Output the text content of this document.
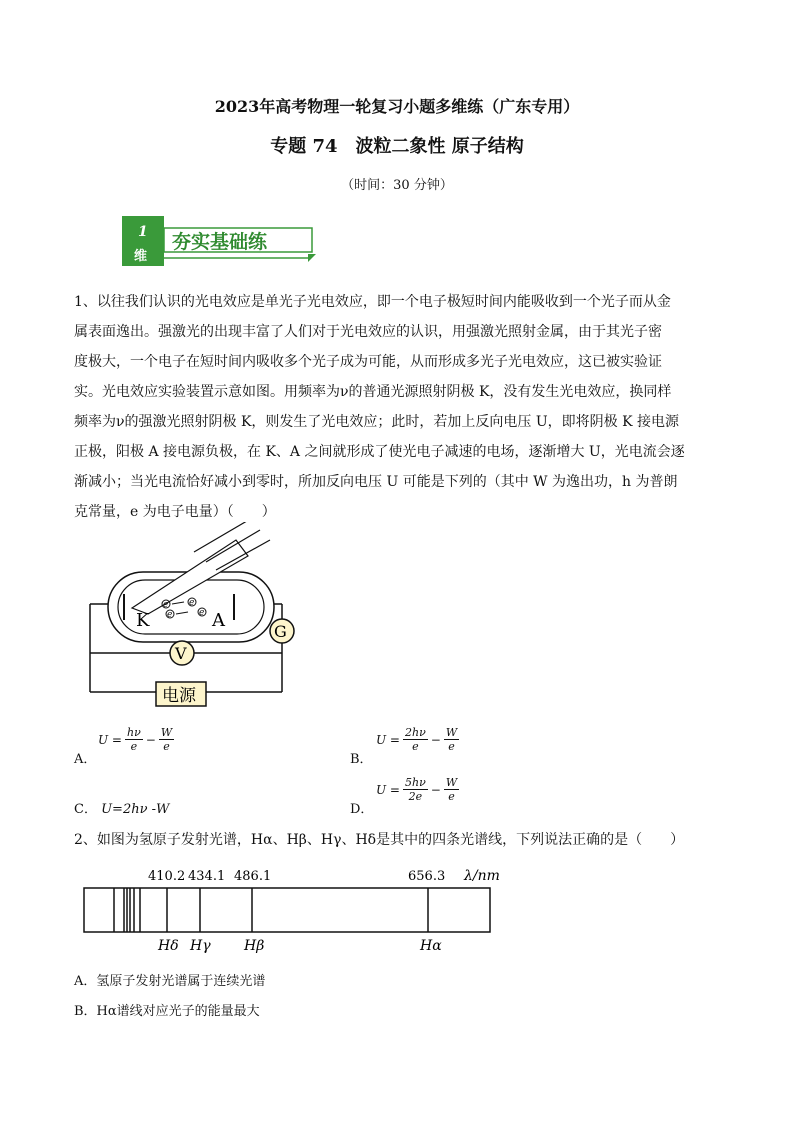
2023年高考物理一轮复习小题多维练（广东专用）
专题 74　波粒二象性 原子结构
（时间：30 分钟）
1
维
夯实基础练
1、以往我们认识的光电效应是单光子光电效应，即一个电子极短时间内能吸收到一个光子而从金
属表面逸出。强激光的出现丰富了人们对于光电效应的认识，用强激光照射金属，由于其光子密
度极大，一个电子在短时间内吸收多个光子成为可能，从而形成多光子光电效应，这已被实验证
实。光电效应实验装置示意如图。用频率为ν的普通光源照射阴极 K，没有发生光电效应，换同样
频率为ν的强激光照射阴极 K，则发生了光电效应；此时，若加上反向电压 U，即将阴极 K 接电源
正极，阳极 A 接电源负极，在 K、A 之间就形成了使光电子减速的电场，逐渐增大 U，光电流会逐
渐减小；当光电流恰好减小到零时，所加反向电压 U 可能是下列的（其中 W 为逸出功，h 为普朗
克常量，e 为电子电量）（　　）
e e
e	e
K	A
G
V
电源
$U = \frac{h\nu}{e} - \frac{W}{e}$
A．
$U = \frac{2h\nu}{e} - \frac{W}{e}$
B．
C． U=2hν -W
$U = \frac{5h\nu}{2e} - \frac{W}{e}$
D．
2、如图为氢原子发射光谱，Hα、Hβ、Hγ、Hδ是其中的四条光谱线，下列说法正确的是（　　）
410.2 434.1 486.1	656.3 λ/nm
Hδ Hγ Hβ	Hα
A．氢原子发射光谱属于连续光谱
B．Hα谱线对应光子的能量最大
